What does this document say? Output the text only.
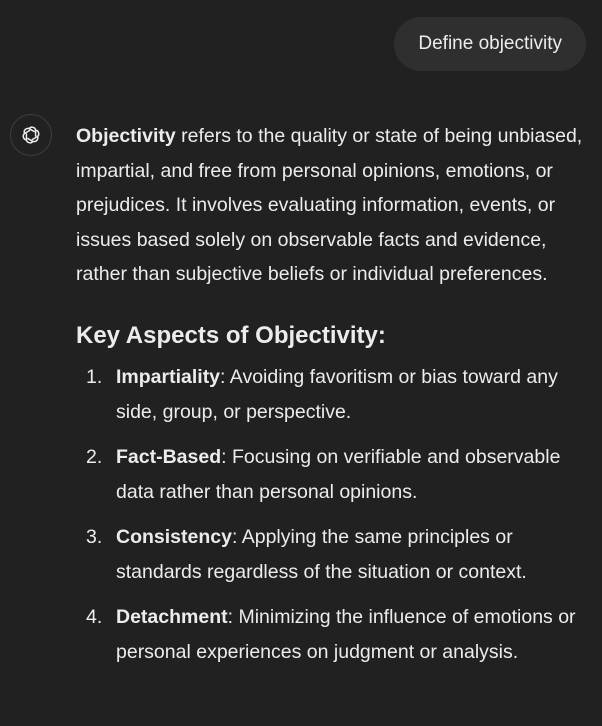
Define objectivity

Objectivity refers to the quality or state of being unbiased, impartial, and free from personal opinions, emotions, or prejudices. It involves evaluating information, events, or issues based solely on observable facts and evidence, rather than subjective beliefs or individual preferences.

Key Aspects of Objectivity:
1. Impartiality: Avoiding favoritism or bias toward any side, group, or perspective.
2. Fact-Based: Focusing on verifiable and observable data rather than personal opinions.
3. Consistency: Applying the same principles or standards regardless of the situation or context.
4. Detachment: Minimizing the influence of emotions or personal experiences on judgment or analysis.
